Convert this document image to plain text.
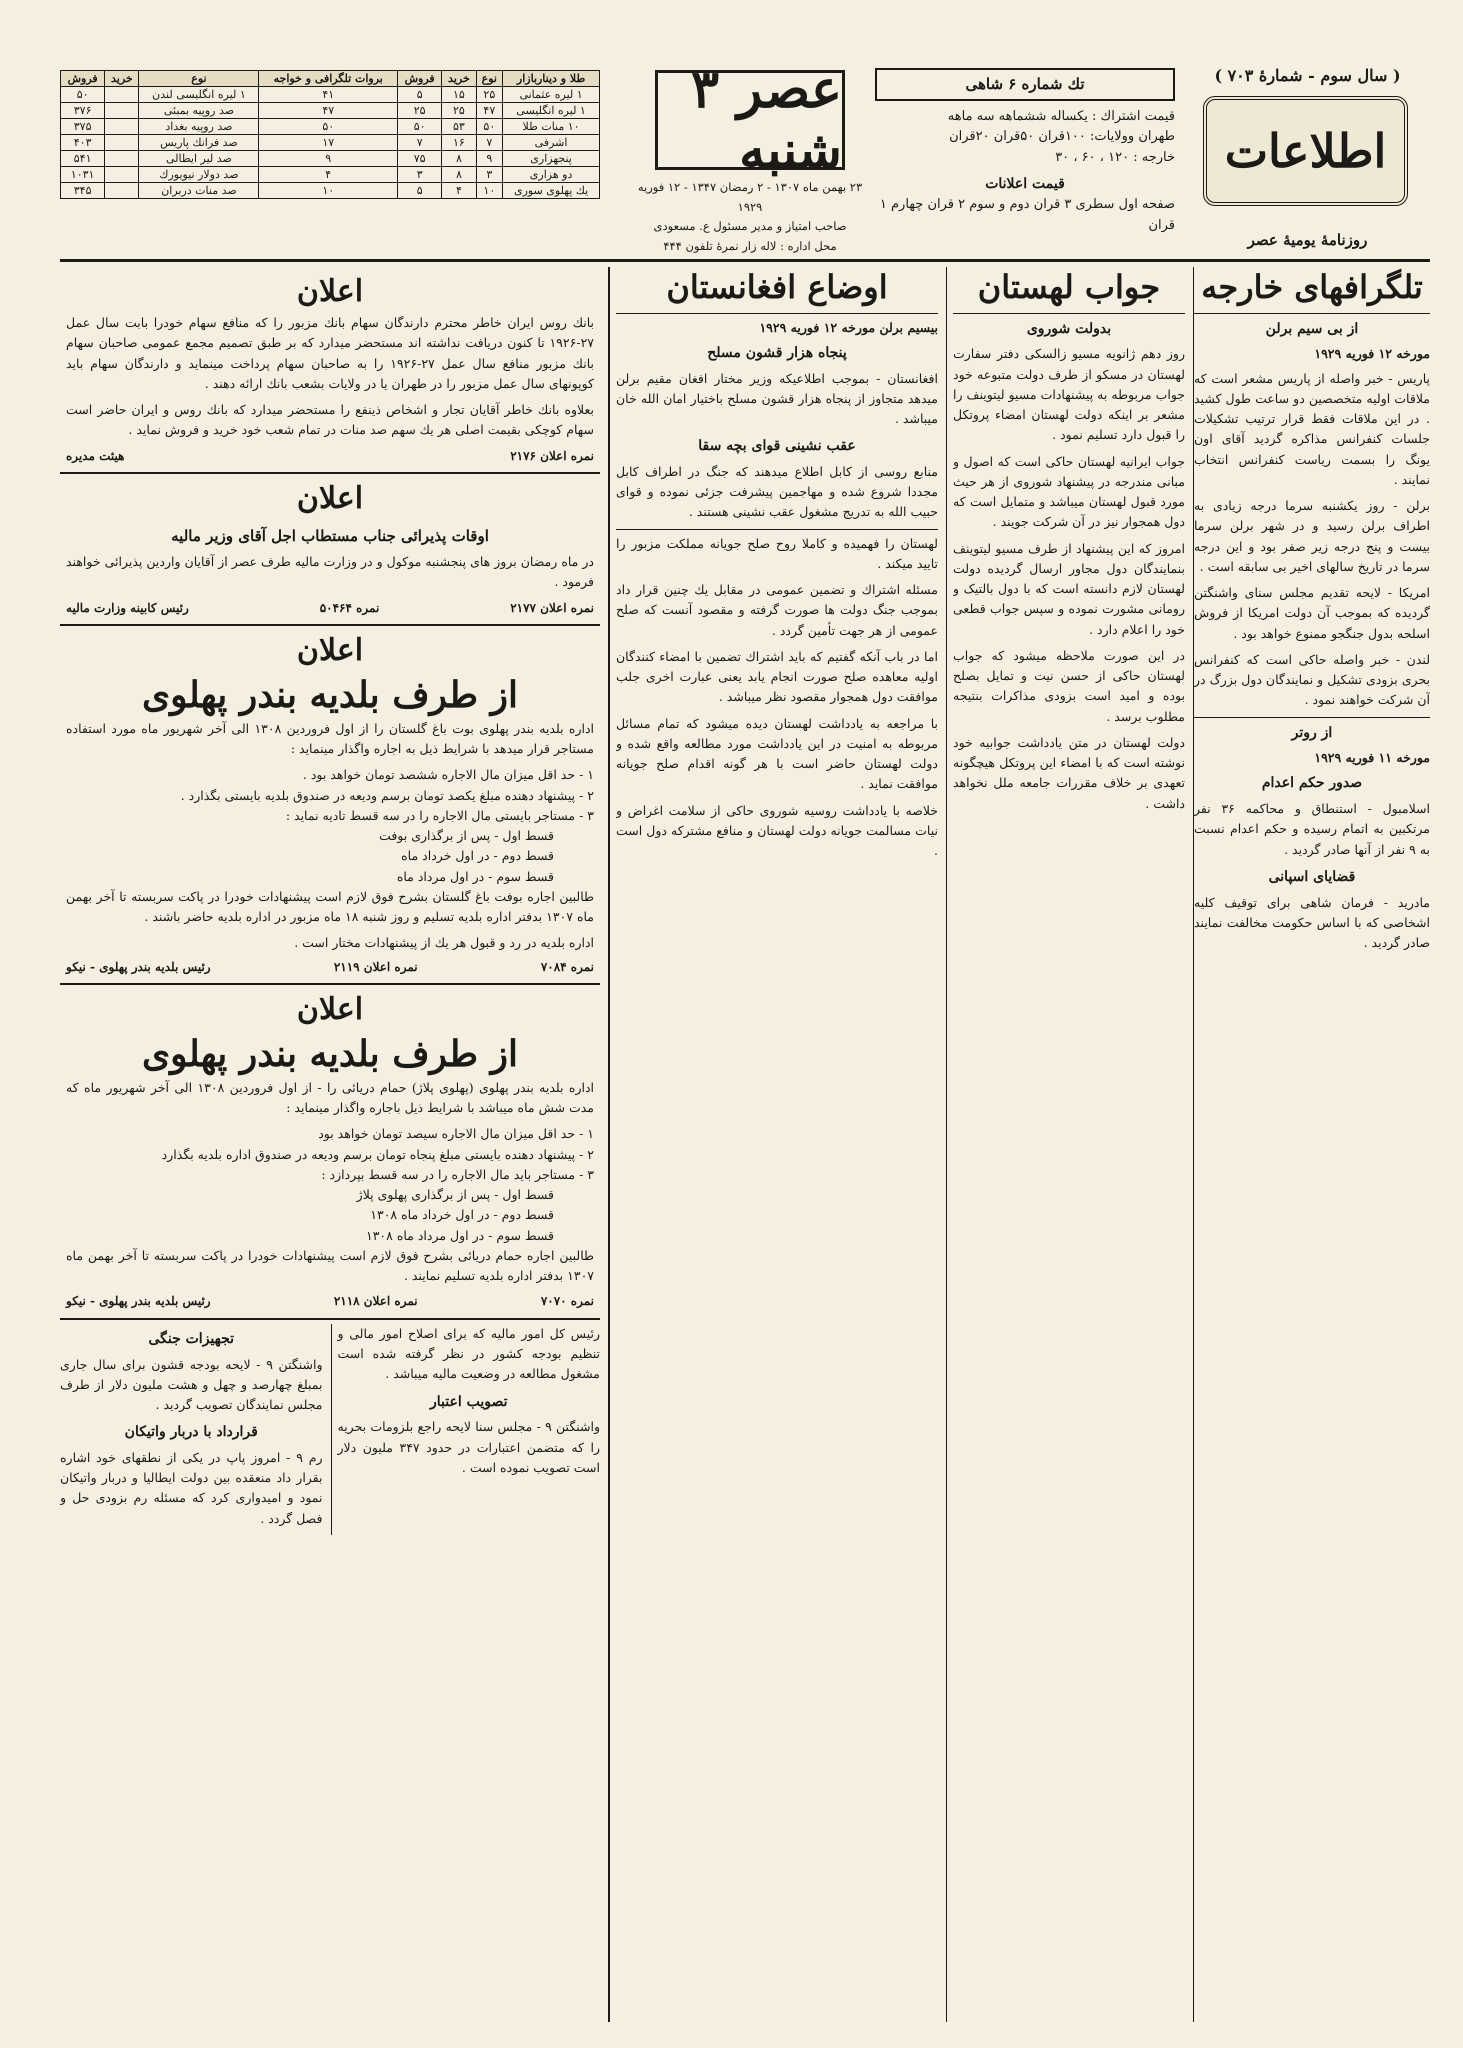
( سال سوم - شمارهٔ ۷۰۳ )
اطلاعات
روزنامهٔ یومیهٔ عصر
تك شماره ۶ شاهی
قیمت اشتراك : یکساله ششماهه سه ماهه
طهران وولایات: ۱۰۰قران ۵۰قران ۲۰قران
خارجه : ۱۲۰ ، ۶۰ ، ۳۰
قیمت اعلانات
صفحه اول سطری ۳ قران دوم و سوم ۲ قران چهارم ۱ قران
عصر ۳ شنبه
۲۳ بهمن ماه ۱۳۰۷ - ۲ رمضان ۱۳۴۷ - ۱۲ فوریه ۱۹۲۹
صاحب امتیاز و مدیر مسئول ع. مسعودی
محل اداره : لاله زار نمرهٔ تلفون ۴۴۴
طلا و دیناربازار	نوع	خرید	فروش	بروات تلگرافی و خواجه	نوع	خرید	فروش
۱ لیره عثمانی	۲۵	۱۵	۵	۴۱	۱ لیره انگلیسی لندن		۵۰
۱ لیره انگلیسی	۴۷	۲۵	۲۵	۴۷	صد روپیه بمبئی		۳۷۶
۱۰ منات طلا	۵۰	۵۳	۵۰	۵۰	صد روپیه بغداد		۳۷۵
اشرفی	۷	۱۶	۷	۱۷	صد فرانك پاریس		۴۰۳
پنجهزاری	۹	۸	۷۵	۹	صد لیر ایطالی		۵۴۱
دو هزاری	۳	۸	۳	۴	صد دولار نیویورك		۱۰۳۱
یك پهلوی سوری	۱۰	۴	۵	۱۰	صد منات دربران		۳۴۵
تلگرافهای خارجه
از بی سیم برلن
مورخه ۱۲ فوریه ۱۹۲۹

پاریس - خبر واصله از پاریس مشعر است که ملاقات اولیه متخصصین دو ساعت طول کشید . در این ملاقات فقط قرار ترتیب تشکیلات جلسات کنفرانس مذاکره گردید آقای اون یونگ را بسمت ریاست کنفرانس انتخاب نمایند .

برلن - روز یکشنبه سرما درجه زیادی به اطراف برلن رسید و در شهر برلن سرما بیست و پنج درجه زیر صفر بود و این درجه سرما در تاریخ سالهای اخیر بی سابقه است .

امریکا - لایحه تقدیم مجلس سنای واشنگتن گردیده که بموجب آن دولت امریکا از فروش اسلحه بدول جنگجو ممنوع خواهد بود .

لندن - خبر واصله حاکی است که کنفرانس بحری بزودی تشکیل و نمایندگان دول بزرگ در آن شرکت خواهند نمود .

از روتر
مورخه ۱۱ فوریه ۱۹۲۹
صدور حکم اعدام

اسلامبول - استنطاق و محاکمه ۳۶ نفر مرتکبین به اتمام رسیده و حکم اعدام نسبت به ۹ نفر از آنها صادر گردید .

قضایای اسپانی

مادرید - فرمان شاهی برای توقیف کلیه اشخاصی که با اساس حکومت مخالفت نمایند صادر گردید .

جواب لهستان
بدولت شوروی

روز دهم ژانویه مسیو زالسکی دفتر سفارت لهستان در مسکو از طرف دولت متبوعه خود جواب مربوطه به پیشنهادات مسیو لیتوینف را مشعر بر اینکه دولت لهستان امضاء پروتکل را قبول دارد تسلیم نمود .

جواب ایرانیه لهستان حاکی است که اصول و مبانی مندرجه در پیشنهاد شوروی از هر حیث مورد قبول لهستان میباشد و متمایل است که دول همجوار نیز در آن شرکت جویند .

امروز که این پیشنهاد از طرف مسیو لیتوینف بنمایندگان دول مجاور ارسال گردیده دولت لهستان لازم دانسته است که با دول بالتیک و رومانی مشورت نموده و سپس جواب قطعی خود را اعلام دارد .

در این صورت ملاحظه میشود که جواب لهستان حاکی از حسن نیت و تمایل بصلح بوده و امید است بزودی مذاکرات بنتیجه مطلوب برسد .

دولت لهستان در متن یادداشت جوابیه خود نوشته است که با امضاء این پروتکل هیچگونه تعهدی بر خلاف مقررات جامعه ملل نخواهد داشت .

اوضاع افغانستان
بیسیم برلن مورخه ۱۲ فوریه ۱۹۲۹
پنجاه هزار قشون مسلح

افغانستان - بموجب اطلاعیکه وزیر مختار افغان مقیم برلن میدهد متجاوز از پنجاه هزار قشون مسلح باختیار امان الله خان میباشد .

عقب نشینی قوای بچه سقا

منابع روسی از کابل اطلاع میدهند که جنگ در اطراف کابل مجددا شروع شده و مهاجمین پیشرفت جزئی نموده و قوای حبیب الله به تدریج مشغول عقب نشینی هستند .

لهستان را فهمیده و کاملا روح صلح جویانه مملکت مزبور را تایید میکند .

مسئله اشتراك و تضمین عمومی در مقابل یك چنین قرار داد بموجب جنگ دولت ها صورت گرفته و مقصود آنست که صلح عمومی از هر جهت تأمین گردد .

اما در باب آنکه گفتیم که باید اشتراك تضمین با امضاء کنندگان اولیه معاهده صلح صورت انجام یابد یعنی عبارت اخری جلب موافقت دول همجوار مقصود نظر میباشد .

با مراجعه به یادداشت لهستان دیده میشود که تمام مسائل مربوطه به امنیت در این یادداشت مورد مطالعه واقع شده و دولت لهستان حاضر است با هر گونه اقدام صلح جویانه موافقت نماید .

خلاصه با یادداشت روسیه شوروی حاکی از سلامت اغراض و نیات مسالمت جویانه دولت لهستان و منافع مشترکه دول است .

اعلان

بانك روس ایران خاطر محترم دارندگان سهام بانك مزبور را که منافع سهام خودرا بابت سال عمل ۲۷-۱۹۲۶ تا کنون دریافت نداشته اند مستحضر میدارد که بر طبق تصمیم مجمع عمومی صاحبان سهام بانك مزبور منافع سال عمل ۲۷-۱۹۲۶ را به صاحبان سهام پرداخت مینماید و دارندگان سهام باید کوپونهای سال عمل مزبور را در طهران یا در ولایات بشعب بانك ارائه دهند .

بعلاوه بانك خاطر آقایان تجار و اشخاص ذینفع را مستحضر میدارد که بانك روس و ایران حاضر است سهام کوچکی بقیمت اصلی هر یك سهم صد منات در تمام شعب خود خرید و فروش نماید .

نمره اعلان ۲۱۷۶
هیئت مدیره
اعلان
اوقات پذیرائی جناب مستطاب اجل آقای وزیر مالیه

در ماه رمضان بروز های پنجشنبه موکول و در وزارت مالیه طرف عصر از آقایان واردین پذیرائی خواهند فرمود .

نمره اعلان ۲۱۷۷
نمره ۵۰۴۶۴
رئیس کابینه وزارت مالیه
اعلان
از طرف بلدیه بندر پهلوی

اداره بلدیه بندر پهلوی بوت باغ گلستان را از اول فروردین ۱۳۰۸ الی آخر شهریور ماه مورد استفاده مستاجر قرار میدهد با شرایط ذیل به اجاره واگذار مینماید :

۱ - حد اقل میزان مال الاجاره ششصد تومان خواهد بود .
۲ - پیشنهاد دهنده مبلغ یکصد تومان برسم ودیعه در صندوق بلدیه بایستی بگذارد .
۳ - مستاجر بایستی مال الاجاره را در سه قسط تادیه نماید :
قسط اول - پس از برگذاری بوفت
قسط دوم - در اول خرداد ماه
قسط سوم - در اول مرداد ماه

طالبین اجاره بوفت باغ گلستان بشرح فوق لازم است پیشنهادات خودرا در پاکت سربسته تا آخر بهمن ماه ۱۳۰۷ بدفتر اداره بلدیه تسلیم و روز شنبه ۱۸ ماه مزبور در اداره بلدیه حاضر باشند .

اداره بلدیه در رد و قبول هر یك از پیشنهادات مختار است .

نمره ۷۰۸۴
نمره اعلان ۲۱۱۹
رئیس بلدیه بندر پهلوی - نیکو
اعلان
از طرف بلدیه بندر پهلوی

اداره بلدیه بندر پهلوی (پهلوی پلاژ) حمام دریائی را - از اول فروردین ۱۳۰۸ الی آخر شهریور ماه که مدت شش ماه میباشد با شرایط ذیل باجاره واگذار مینماید :

۱ - حد اقل میزان مال الاجاره سیصد تومان خواهد بود
۲ - پیشنهاد دهنده بایستی مبلغ پنجاه تومان برسم ودیعه در صندوق اداره بلدیه بگذارد
۳ - مستاجر باید مال الاجاره را در سه قسط بپردازد :
قسط اول - پس از برگذاری پهلوی پلاژ
قسط دوم - در اول خرداد ماه ۱۳۰۸
قسط سوم - در اول مرداد ماه ۱۳۰۸

طالبین اجاره حمام دریائی بشرح فوق لازم است پیشنهادات خودرا در پاکت سربسته تا آخر بهمن ماه ۱۳۰۷ بدفتر اداره بلدیه تسلیم نمایند .

نمره ۷۰۷۰
نمره اعلان ۲۱۱۸
رئیس بلدیه بندر پهلوی - نیکو

رئیس کل امور مالیه که برای اصلاح امور مالی و تنظیم بودجه کشور در نظر گرفته شده است مشغول مطالعه در وضعیت مالیه میباشد .

تصویب اعتبار

واشنگتن ۹ - مجلس سنا لایحه راجع بلزومات بحریه را که متضمن اعتبارات در حدود ۳۴۷ ملیون دلار است تصویب نموده است .

تجهیزات جنگی

واشنگتن ۹ - لایحه بودجه قشون برای سال جاری بمبلغ چهارصد و چهل و هشت ملیون دلار از طرف مجلس نمایندگان تصویب گردید .

قرارداد با دربار واتیکان

رم ۹ - امروز پاپ در یکی از نطقهای خود اشاره بقرار داد منعقده بین دولت ایطالیا و دربار واتیکان نمود و امیدواری کرد که مسئله رم بزودی حل و فصل گردد .
